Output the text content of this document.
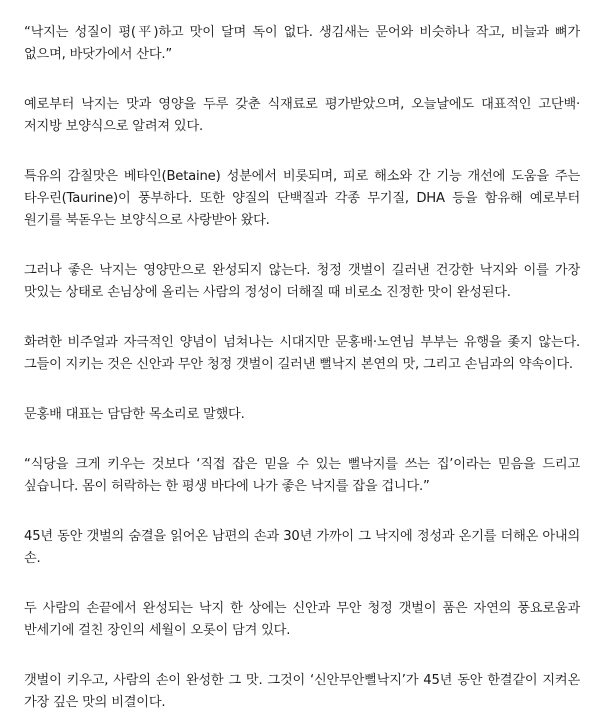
“낙지는 성질이 평(平)하고 맛이 달며 독이 없다. 생김새는 문어와 비슷하나 작고, 비늘과 뼈가 없으며, 바닷가에서 산다.”

예로부터 낙지는 맛과 영양을 두루 갖춘 식재료로 평가받았으며, 오늘날에도 대표적인 고단백·저지방 보양식으로 알려져 있다.

특유의 감칠맛은 베타인(Betaine) 성분에서 비롯되며, 피로 해소와 간 기능 개선에 도움을 주는 타우린(Taurine)이 풍부하다. 또한 양질의 단백질과 각종 무기질, DHA 등을 함유해 예로부터 원기를 북돋우는 보양식으로 사랑받아 왔다.

그러나 좋은 낙지는 영양만으로 완성되지 않는다. 청정 갯벌이 길러낸 건강한 낙지와 이를 가장 맛있는 상태로 손님상에 올리는 사람의 정성이 더해질 때 비로소 진정한 맛이 완성된다.

화려한 비주얼과 자극적인 양념이 넘쳐나는 시대지만 문홍배·노연님 부부는 유행을 좇지 않는다. 그들이 지키는 것은 신안과 무안 청정 갯벌이 길러낸 뻘낙지 본연의 맛, 그리고 손님과의 약속이다.

문홍배 대표는 담담한 목소리로 말했다.

“식당을 크게 키우는 것보다 ‘직접 잡은 믿을 수 있는 뻘낙지를 쓰는 집’이라는 믿음을 드리고 싶습니다. 몸이 허락하는 한 평생 바다에 나가 좋은 낙지를 잡을 겁니다.”

45년 동안 갯벌의 숨결을 읽어온 남편의 손과 30년 가까이 그 낙지에 정성과 온기를 더해온 아내의 손.

두 사람의 손끝에서 완성되는 낙지 한 상에는 신안과 무안 청정 갯벌이 품은 자연의 풍요로움과 반세기에 걸친 장인의 세월이 오롯이 담겨 있다.

갯벌이 키우고, 사람의 손이 완성한 그 맛. 그것이 ‘신안무안뻘낙지’가 45년 동안 한결같이 지켜온 가장 깊은 맛의 비결이다.
